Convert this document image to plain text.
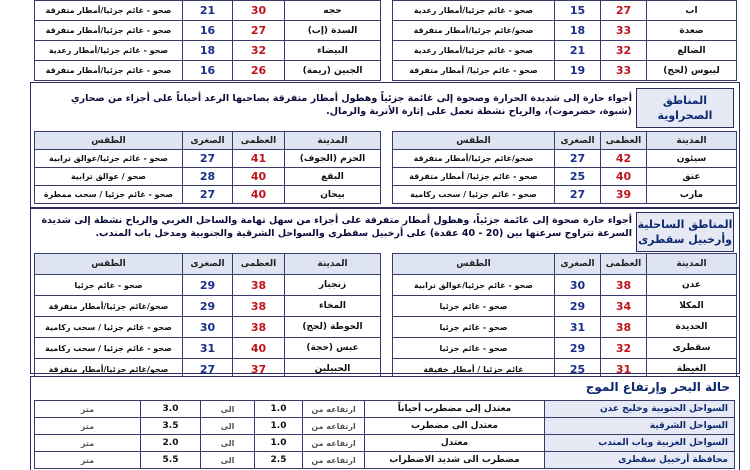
حجه	30	21	صحو - غائم جزئيا/أمطار متفرقة
السدة (إب)	27	16	صحو - غائم جزئيا/أمطار متفرقة
البيضاء	32	18	صحو - غائم جزئيا/أمطار رعدية
الجبين (ريمة)	26	16	صحو - غائم جزئيا/أمطار متفرقة
اب	27	15	صحو - غائم جزئيا/أمطار رعدية
صعدة	33	18	صحو/غائم جزئيا/أمطار متفرقة
الضالع	32	21	صحو - غائم جزئيا/أمطار رعدية
ليبوس (لحج)	33	19	صحو - غائم جزئيا/ أمطار متفرقة
المناطق الصحراوية
أجواء حارة إلى شديدة الحرارة وصحوة إلى غائمة جزئياً وهطول أمطار متفرقة يصاحبها الرعد أحياناً على أجزاء من صحاري (شبوة، حضرموت)، والرياح نشطة تعمل على إثارة الأتربة والرمال.
المدينة	العظمى	الصغرى	الطقس
الحزم (الجوف)	41	27	صحو - غائم جزئيا/عوالق ترابية
البقع	40	28	صحو / عوالق ترابية
بيحان	40	27	صحو - غائم جزئيا / سحب ممطرة
المدينة	العظمى	الصغرى	الطقس
سيئون	42	27	صحو/غائم جزئيا/أمطار متفرقة
عتق	40	25	صحو - غائم جزئيا/ أمطار متفرقة
مارب	39	27	صحو - غائم جزئيا / سحب ركامية
المناطق الساحلية وأرخبيل سقطرى
أجواء حارة صحوة إلى غائمة جزئياً، وهطول أمطار متفرقة على أجزاء من سهل تهامة والساحل الغربي والرياح نشطة إلى شديدة السرعة تتراوح سرعتها بين (20 - 40 عقدة) على أرخبيل سقطرى والسواحل الشرقية والجنوبية ومدخل باب المندب.
المدينة	العظمى	الصغرى	الطقس
زنجبار	38	29	صحو - غائم جزئيا
المخاء	38	29	صحو/غائم جزئيا/أمطار متفرقة
الحوطة (لحج)	38	30	صحو - غائم جزئيا / سحب ركامية
عبس (حجة)	40	31	صحو - غائم جزئيا / سحب ركامية
الحبيلين	37	27	صحو/غائم جزئيا/أمطار متفرقة
المدينة	العظمى	الصغرى	الطقس
عدن	38	30	صحو - غائم جزئيا/عوالق ترابية
المكلا	34	29	صحو - غائم جزئيا
الحديدة	38	31	صحو - غائم جزئيا
سقطرى	32	29	صحو - غائم جزئيا
الغيظة	31	25	غائم جزئيا / أمطار خفيفة
حالة البحر وإرتفاع الموج
السواحل الجنوبية وخليج عدن	معتدل إلى مضطرب أحياناً	ارتفاعه من	1.0	الى	3.0	متر
السواحل الشرقية	معتدل الى مضطرب	ارتفاعه من	1.0	الى	3.5	متر
السواحل الغربية وباب المندب	معتدل	ارتفاعه من	1.0	الى	2.0	متر
محافظة أرخبيل سقطرى	مضطرب الى شديد الاضطراب	ارتفاعه من	2.5	الى	5.5	متر
